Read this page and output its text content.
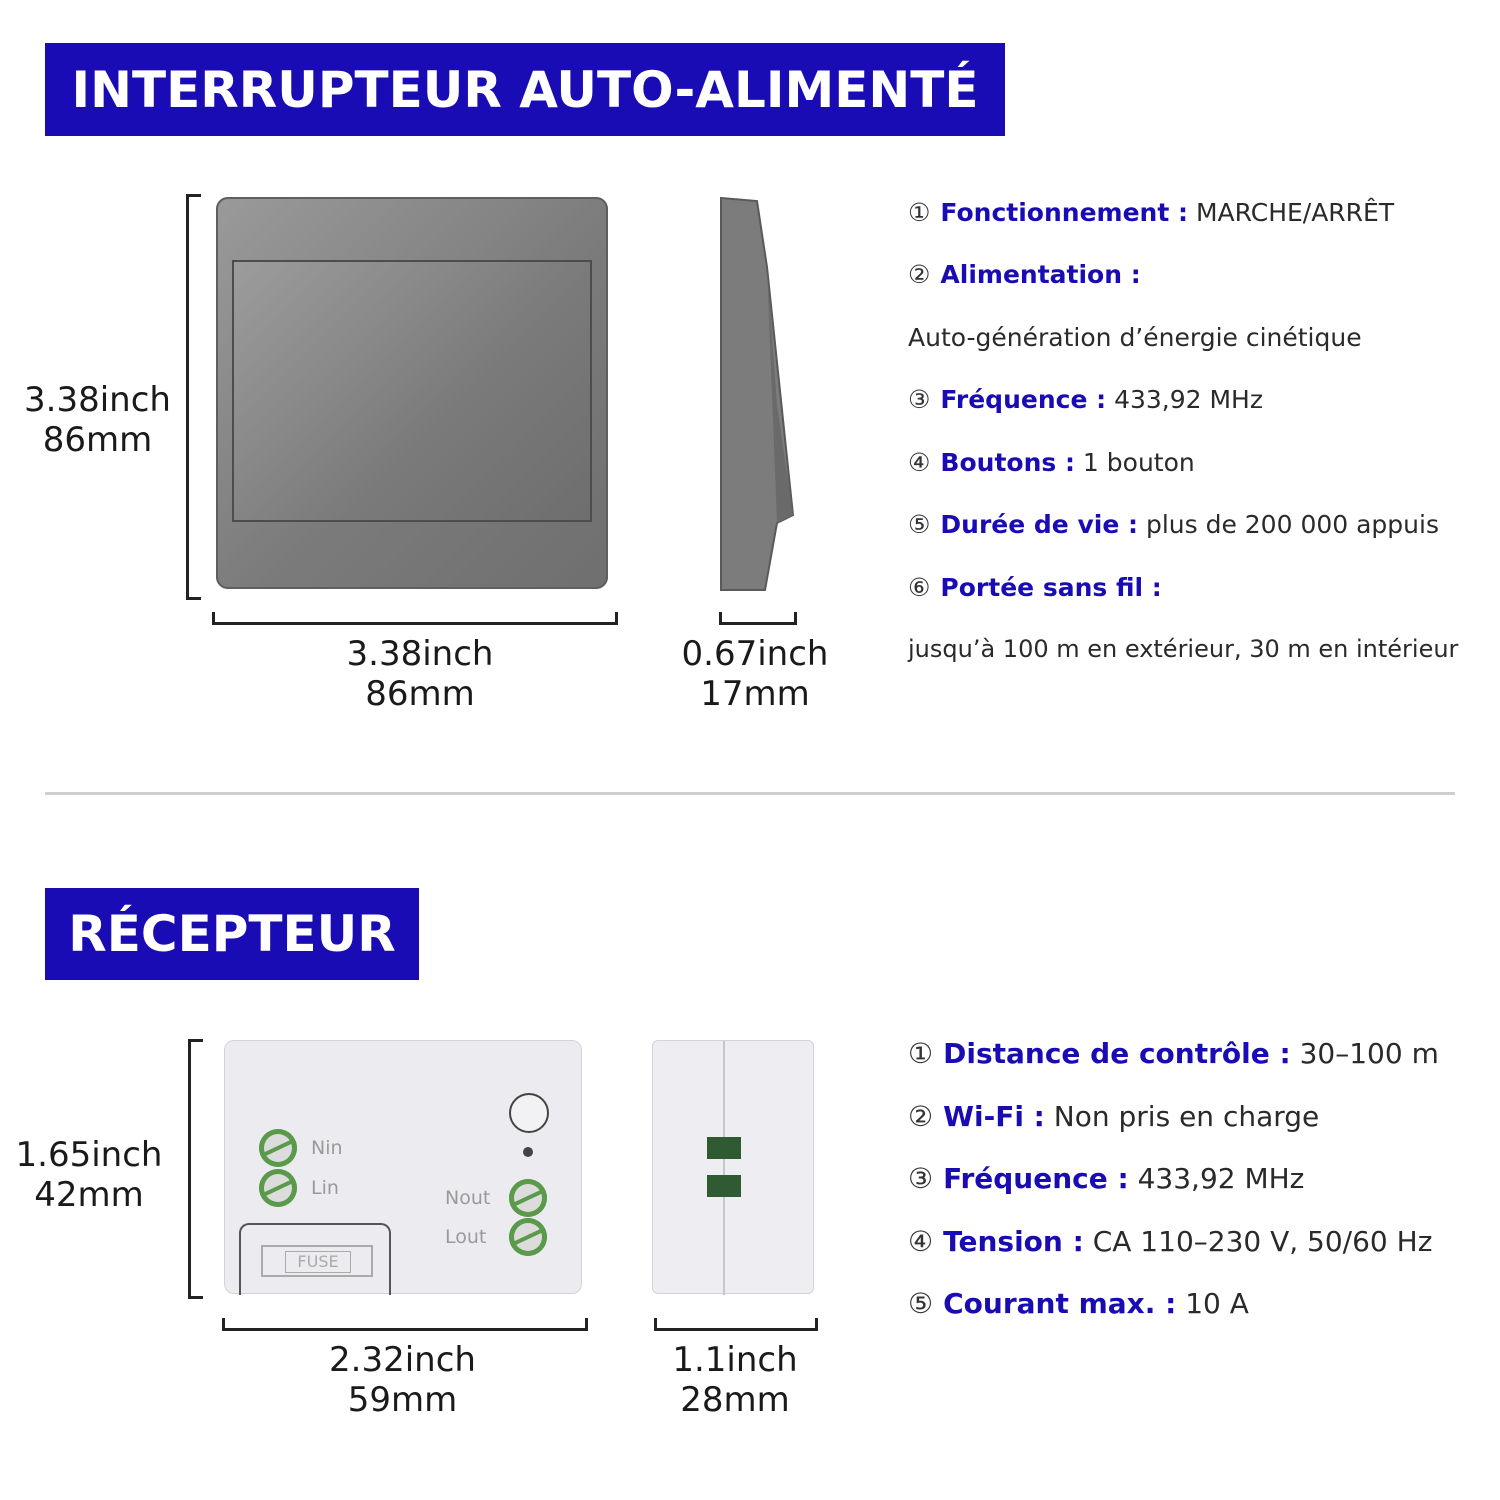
INTERRUPTEUR AUTO-ALIMENTÉ
3.38inch
86mm
3.38inch
86mm
0.67inch
17mm
① Fonctionnement : MARCHE/ARRÊT
② Alimentation :
Auto-génération d’énergie cinétique
③ Fréquence : 433,92 MHz
④ Boutons : 1 bouton
⑤ Durée de vie : plus de 200 000 appuis
⑥ Portée sans fil :
jusqu’à 100 m en extérieur, 30 m en intérieur
RÉCEPTEUR
1.65inch
42mm
Nin
Lin	Nout
Lout
FUSE
2.32inch
59mm
1.1inch
28mm
① Distance de contrôle : 30–100 m
② Wi-Fi : Non pris en charge
③ Fréquence : 433,92 MHz
④ Tension : CA 110–230 V, 50/60 Hz
⑤ Courant max. : 10 A
